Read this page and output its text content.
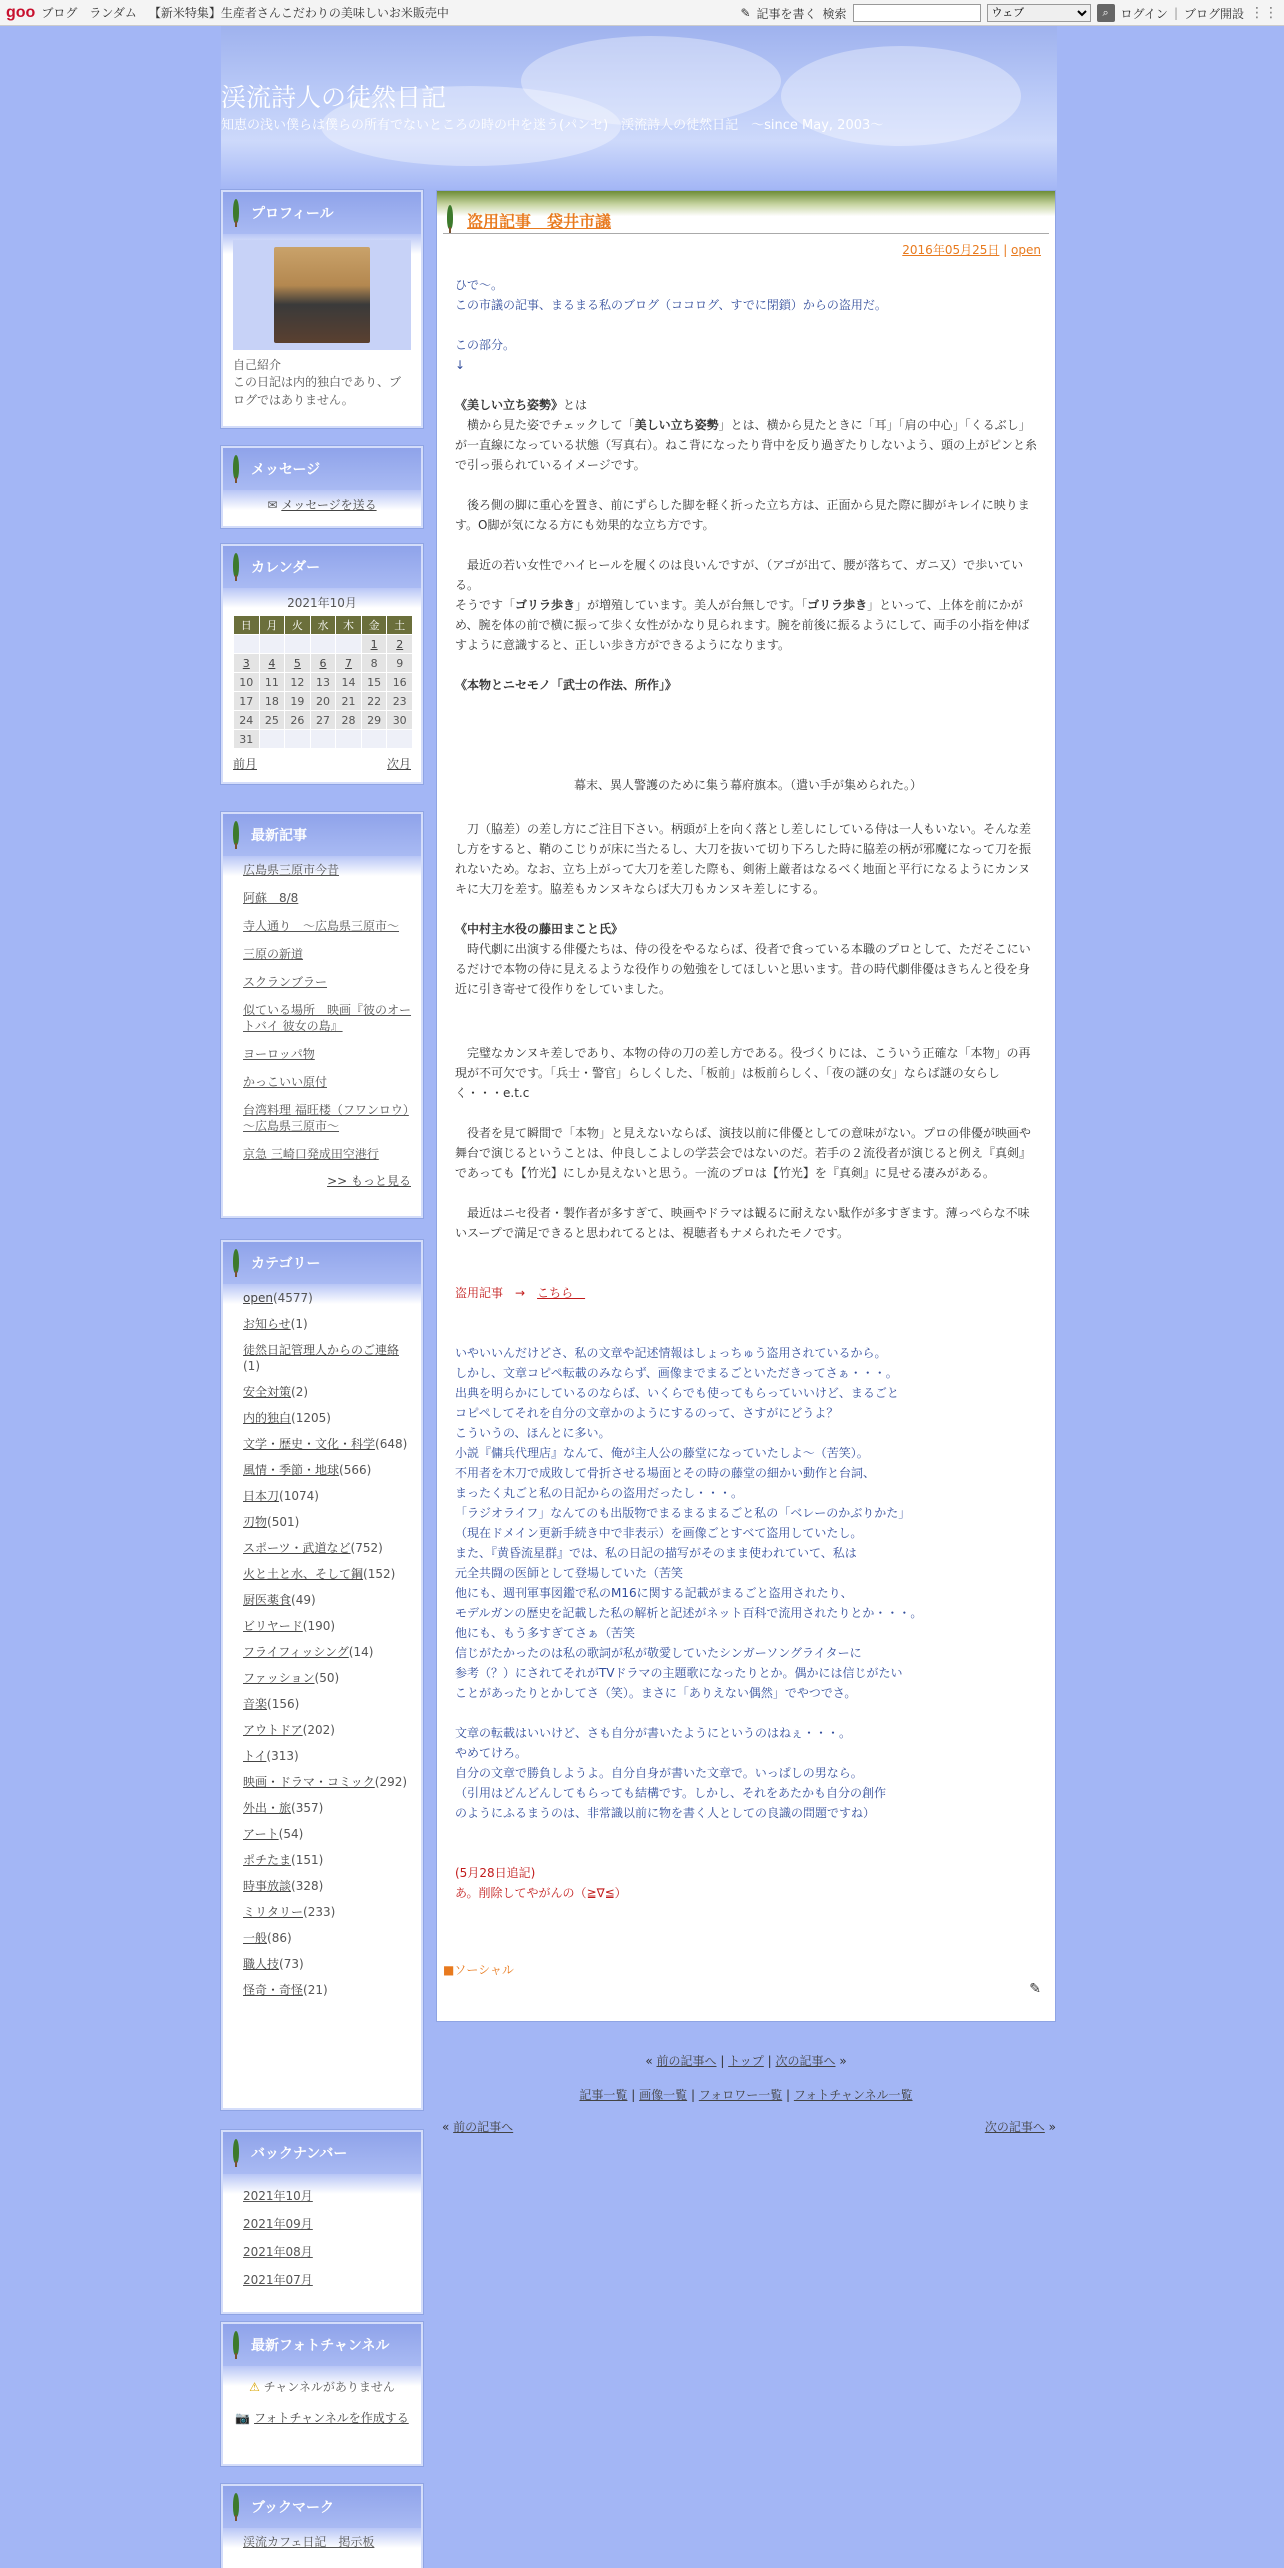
goo ブログ ランダム 【新米特集】生産者さんこだわりの美味しいお米販売中	✎ 記事を書く 検索
ウェブ	⌕ ログイン | ブログ開設 ⋮⋮
渓流詩人の徒然日記
知恵の浅い僕らは僕らの所有でないところの時の中を迷う(パンセ)　渓流詩人の徒然日記　～since May, 2003～
プロフィール
自己紹介
この日記は内的独白であり、ブログではありません。
メッセージ
✉ メッセージを送る
カレンダー
2021年10月
日	月	火	水	木	金	土
					1	2
3	4	5	6	7	8	9
10	11	12	13	14	15	16
17	18	19	20	21	22	23
24	25	26	27	28	29	30
31						
前月	次月
最新記事
広島県三原市今昔
阿蘇　8/8
寺人通り　～広島県三原市～
三原の新道
スクランブラー
似ている場所　映画『彼のオートバイ 彼女の島』
ヨーロッパ物
かっこいい原付
台湾料理 福旺楼（フワンロウ）～広島県三原市～
京急 三崎口発成田空港行
>> もっと見る
カテゴリー
open(4577)
お知らせ(1)
徒然日記管理人からのご連絡(1)
安全対策(2)
内的独白(1205)
文学・歴史・文化・科学(648)
風情・季節・地球(566)
日本刀(1074)
刃物(501)
スポーツ・武道など(752)
火と土と水、そして鋼(152)
厨医薬食(49)
ビリヤード(190)
フライフィッシング(14)
ファッション(50)
音楽(156)
アウトドア(202)
トイ(313)
映画・ドラマ・コミック(292)
外出・旅(357)
アート(54)
ポチたま(151)
時事放談(328)
ミリタリー(233)
一般(86)
職人技(73)
怪奇・奇怪(21)
バックナンバー
2021年10月
2021年09月
2021年08月
2021年07月
最新フォトチャンネル
⚠ チャンネルがありません
📷 フォトチャンネルを作成する
ブックマーク
渓流カフェ日記　掲示板
盗用記事　袋井市議
2016年05月25日 | open

ひで～。

この市議の記事、まるまる私のブログ（ココログ、すでに閉鎖）からの盗用だ。

この部分。

↓

《美しい立ち姿勢》とは

　横から見た姿でチェックして「美しい立ち姿勢」とは、横から見たときに「耳」「肩の中心」「くるぶし」が一直線になっている状態（写真右）。ねこ背になったり背中を反り過ぎたりしないよう、頭の上がピンと糸で引っ張られているイメージです。

　後ろ側の脚に重心を置き、前にずらした脚を軽く折った立ち方は、正面から見た際に脚がキレイに映ります。O脚が気になる方にも効果的な立ち方です。

　最近の若い女性でハイヒールを履くのは良いんですが、（アゴが出て、腰が落ちて、ガニ又）で歩いている。

そうです「ゴリラ歩き」が増殖しています。美人が台無しです。「ゴリラ歩き」といって、上体を前にかがめ、腕を体の前で横に振って歩く女性がかなり見られます。腕を前後に振るようにして、両手の小指を伸ばすように意識すると、正しい歩き方ができるようになります。

《本物とニセモノ「武士の作法、所作」》

幕末、異人警護のために集う幕府旗本。（遣い手が集められた。）

　刀（脇差）の差し方にご注目下さい。柄頭が上を向く落とし差しにしている侍は一人もいない。そんな差し方をすると、鞘のこじりが床に当たるし、大刀を抜いて切り下ろした時に脇差の柄が邪魔になって刀を振れないため。なお、立ち上がって大刀を差した際も、剣術上厳者はなるべく地面と平行になるようにカンヌキに大刀を差す。脇差もカンヌキならば大刀もカンヌキ差しにする。

《中村主水役の藤田まこと氏》

　時代劇に出演する俳優たちは、侍の役をやるならば、役者で食っている本職のプロとして、ただそこにいるだけで本物の侍に見えるような役作りの勉強をしてほしいと思います。昔の時代劇俳優はきちんと役を身近に引き寄せて役作りをしていました。

　完璧なカンヌキ差しであり、本物の侍の刀の差し方である。役づくりには、こういう正確な「本物」の再現が不可欠です。「兵士・警官」らしくした、「板前」は板前らしく、「夜の謎の女」ならば謎の女らしく・・・e.t.c

　役者を見て瞬間で「本物」と見えないならば、演技以前に俳優としての意味がない。プロの俳優が映画や舞台で演じるということは、仲良しこよしの学芸会ではないのだ。若手の２流役者が演じると例え『真剣』であっても【竹光】にしか見えないと思う。一流のプロは【竹光】を『真剣』に見せる凄みがある。

　最近はニセ役者・製作者が多すぎて、映画やドラマは観るに耐えない駄作が多すぎます。薄っぺらな不味いスープで満足できると思われてるとは、視聴者もナメられたモノです。

盗用記事　→　こちら　

いやいいんだけどさ、私の文章や記述情報はしょっちゅう盗用されているから。

しかし、文章コピペ転載のみならず、画像までまるごといただきってさぁ・・・。

出典を明らかにしているのならば、いくらでも使ってもらっていいけど、まるごと

コピペしてそれを自分の文章かのようにするのって、さすがにどうよ？

こういうの、ほんとに多い。

小説『傭兵代理店』なんて、俺が主人公の藤堂になっていたしよ～（苦笑）。

不用者を木刀で成敗して骨折させる場面とその時の藤堂の細かい動作と台詞、

まったく丸ごと私の日記からの盗用だったし・・・。

「ラジオライフ」なんてのも出版物でまるまるまるごと私の「ベレーのかぶりかた」

（現在ドメイン更新手続き中で非表示）を画像ごとすべて盗用していたし。

また、『黄昏流星群』では、私の日記の描写がそのまま使われていて、私は

元全共闘の医師として登場していた（苦笑

他にも、週刊軍事図鑑で私のM16に関する記載がまるごと盗用されたり、

モデルガンの歴史を記載した私の解析と記述がネット百科で流用されたりとか・・・。

他にも、もう多すぎてさぁ（苦笑

信じがたかったのは私の歌詞が私が敬愛していたシンガーソングライターに

参考（？）にされてそれがTVドラマの主題歌になったりとか。偶かには信じがたい

ことがあったりとかしてさ（笑）。まさに「ありえない偶然」でやつでさ。

文章の転載はいいけど、さも自分が書いたようにというのはねぇ・・・。

やめてけろ。

自分の文章で勝負しようよ。自分自身が書いた文章で。いっぱしの男なら。

（引用はどんどんしてもらっても結構です。しかし、それをあたかも自分の創作

のようにふるまうのは、非常識以前に物を書く人としての良識の問題ですね）

(5月28日追記)

あ。削除してやがんの（≧∇≦）

■ソーシャル
✎
« 前の記事へ | トップ | 次の記事へ »
記事一覧 | 画像一覧 | フォロワー一覧 | フォトチャンネル一覧
« 前の記事へ	次の記事へ »
